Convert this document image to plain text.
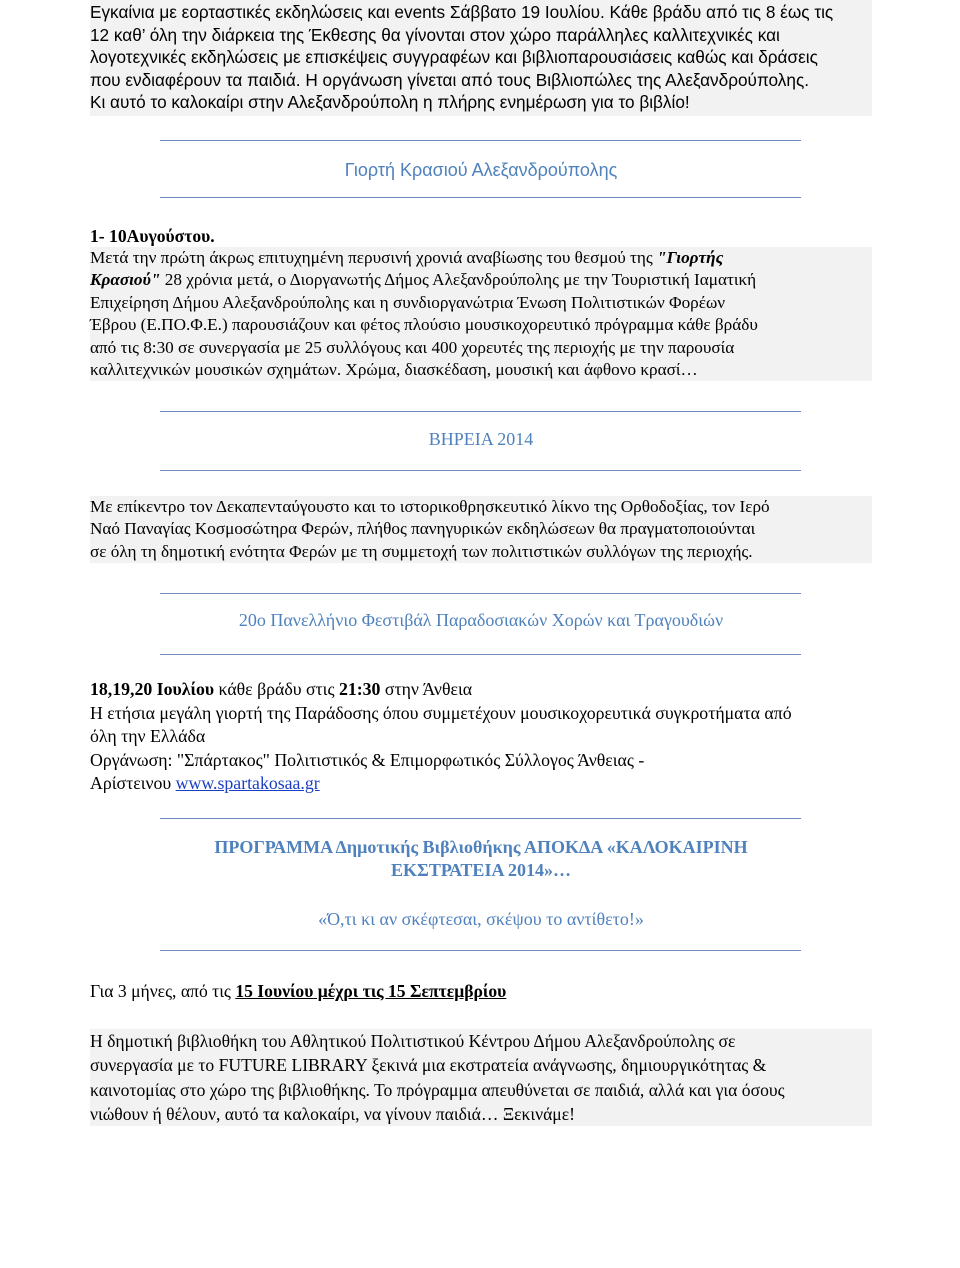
Εγκαίνια με εορταστικές εκδηλώσεις και events Σάββατο 19 Ιουλίου. Κάθε βράδυ από τις 8 έως τις

12 καθ’ όλη την διάρκεια της Έκθεσης θα γίνονται στον χώρο παράλληλες καλλιτεχνικές και

λογοτεχνικές εκδηλώσεις με επισκέψεις συγγραφέων και βιβλιοπαρουσιάσεις καθώς και δράσεις

που ενδιαφέρουν τα παιδιά. Η οργάνωση γίνεται από τους Βιβλιοπώλες της Αλεξανδρούπολης.

Κι αυτό το καλοκαίρι στην Αλεξανδρούπολη η πλήρης ενημέρωση για το βιβλίο!

Γιορτή Κρασιού Αλεξανδρούπολης
1- 10Αυγούστου.

Μετά την πρώτη άκρως επιτυχημένη περυσινή χρονιά αναβίωσης του θεσμού της "Γιορτής

Κρασιού" 28 χρόνια μετά, ο Διοργανωτής Δήμος Αλεξανδρούπολης με την Τουριστική Ιαματική

Επιχείρηση Δήμου Αλεξανδρούπολης και η συνδιοργανώτρια Ένωση Πολιτιστικών Φορέων

Έβρου (Ε.ΠΟ.Φ.Ε.) παρουσιάζουν και φέτος πλούσιο μουσικοχορευτικό πρόγραμμα κάθε βράδυ

από τις 8:30 σε συνεργασία με 25 συλλόγους και 400 χορευτές της περιοχής με την παρουσία

καλλιτεχνικών μουσικών σχημάτων. Χρώμα, διασκέδαση, μουσική και άφθονο κρασί…

ΒΗΡΕΙΑ 2014

Με επίκεντρο τον Δεκαπενταύγουστο και το ιστορικοθρησκευτικό λίκνο της Ορθοδοξίας, τον Ιερό

Ναό Παναγίας Κοσμοσώτηρα Φερών, πλήθος πανηγυρικών εκδηλώσεων θα πραγματοποιούνται

σε όλη τη δημοτική ενότητα Φερών με τη συμμετοχή των πολιτιστικών συλλόγων της περιοχής.

20ο Πανελλήνιο Φεστιβάλ Παραδοσιακών Χορών και Τραγουδιών

18,19,20 Ιουλίου κάθε βράδυ στις 21:30 στην Άνθεια

Η ετήσια μεγάλη γιορτή της Παράδοσης όπου συμμετέχουν μουσικοχορευτικά συγκροτήματα από

όλη την Ελλάδα

Οργάνωση: "Σπάρτακος" Πολιτιστικός & Επιμορφωτικός Σύλλογος Άνθειας -

Αρίστεινου www.spartakosaa.gr

ΠΡΟΓΡΑΜΜΑ Δημοτικής Βιβλιοθήκης ΑΠΟΚΔΑ «ΚΑΛΟΚΑΙΡΙΝΗ
ΕΚΣΤΡΑΤΕΙΑ 2014»…
«Ό,τι κι αν σκέφτεσαι, σκέψου το αντίθετο!»

Για 3 μήνες, από τις 15 Ιουνίου μέχρι τις 15 Σεπτεμβρίου

Η δημοτική βιβλιοθήκη του Αθλητικού Πολιτιστικού Κέντρου Δήμου Αλεξανδρούπολης σε

συνεργασία με το FUTURE LIBRARY ξεκινά μια εκστρατεία ανάγνωσης, δημιουργικότητας &

καινοτομίας στο χώρο της βιβλιοθήκης. Το πρόγραμμα απευθύνεται σε παιδιά, αλλά και για όσους

νιώθουν ή θέλουν, αυτό τα καλοκαίρι, να γίνουν παιδιά… Ξεκινάμε!
